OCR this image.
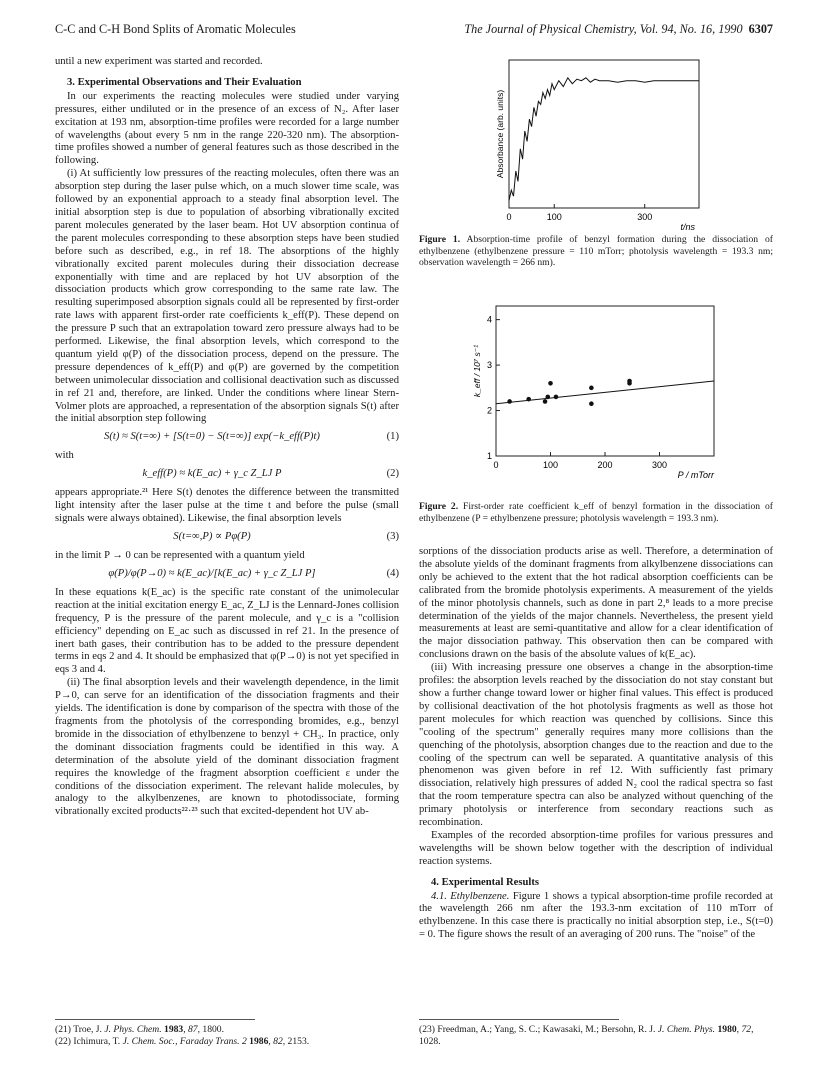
C-C and C-H Bond Splits of Aromatic Molecules	The Journal of Physical Chemistry, Vol. 94, No. 16, 1990 6307

until a new experiment was started and recorded.

3. Experimental Observations and Their Evaluation

In our experiments the reacting molecules were studied under varying pressures, either undiluted or in the presence of an excess of N₂. After laser excitation at 193 nm, absorption-time profiles were recorded for a large number of wavelengths (about every 5 nm in the range 220-320 nm). The absorption-time profiles showed a number of general features such as those described in the following.

(i) At sufficiently low pressures of the reacting molecules, often there was an absorption step during the laser pulse which, on a much slower time scale, was followed by an exponential approach to a steady final absorption level. The initial absorption step is due to population of absorbing vibrationally excited parent molecules generated by the laser beam. Hot UV absorption continua of the parent molecules corresponding to these absorption steps have been studied before such as described, e.g., in ref 18. The absorptions of the highly vibrationally excited parent molecules during their dissociation decrease exponentially with time and are replaced by hot UV absorption of the dissociation products which grow corresponding to the same rate law. The resulting superimposed absorption signals could all be represented by first-order rate laws with apparent first-order rate coefficients k_eff(P). These depend on the pressure P such that an extrapolation toward zero pressure always had to be performed. Likewise, the final absorption levels, which correspond to the quantum yield φ(P) of the dissociation process, depend on the pressure. The pressure dependences of k_eff(P) and φ(P) are governed by the competition between unimolecular dissociation and collisional deactivation such as discussed in ref 21 and, therefore, are linked. Under the conditions where linear Stern-Volmer plots are approached, a representation of the absorption signals S(t) after the initial absorption step following

S(t) ≈ S(t=∞) + [S(t=0) − S(t=∞)] exp(−k_eff(P)t)	(1)

with

k_eff(P) ≈ k(E_ac) + γ_c Z_LJ P	(2)

appears appropriate.²¹ Here S(t) denotes the difference between the transmitted light intensity after the laser pulse at the time t and before the pulse (small signals were always obtained). Likewise, the final absorption levels

S(t=∞,P) ∝ Pφ(P)	(3)

in the limit P → 0 can be represented with a quantum yield

φ(P)/φ(P→0) ≈ k(E_ac)/[k(E_ac) + γ_c Z_LJ P]	(4)

In these equations k(E_ac) is the specific rate constant of the unimolecular reaction at the initial excitation energy E_ac, Z_LJ is the Lennard-Jones collision frequency, P is the pressure of the parent molecule, and γ_c is a "collision efficiency" depending on E_ac such as discussed in ref 21. In the presence of inert bath gases, their contribution has to be added to the pressure dependent terms in eqs 2 and 4. It should be emphasized that φ(P→0) is not yet specified in eqs 3 and 4.

(ii) The final absorption levels and their wavelength dependence, in the limit P→0, can serve for an identification of the dissociation fragments and their yields. The identification is done by comparison of the spectra with those of the fragments from the photolysis of the corresponding bromides, e.g., benzyl bromide in the dissociation of ethylbenzene to benzyl + CH₃. In practice, only the dominant dissociation fragments could be identified in this way. A determination of the absolute yield of the dominant dissociation fragment requires the knowledge of the fragment absorption coefficient ε under the conditions of the dissociation experiment. The relevant halide molecules, by analogy to the alkylbenzenes, are known to photodissociate, forming vibrationally excited products²²·²³ such that excited-dependent hot UV ab-

0	100	300
t/ns
Absorbance (arb. units)
Figure 1. Absorption-time profile of benzyl formation during the dissociation of ethylbenzene (ethylbenzene pressure = 110 mTorr; photolysis wavelength = 193.3 nm; observation wavelength = 266 nm).
0	100	200	300
1
2
3
4
P / mTorr
k_eff / 10⁷ s⁻¹
Figure 2. First-order rate coefficient k_eff of benzyl formation in the dissociation of ethylbenzene (P = ethylbenzene pressure; photolysis wavelength = 193.3 nm).

sorptions of the dissociation products arise as well. Therefore, a determination of the absolute yields of the dominant fragments from alkylbenzene dissociations can only be achieved to the extent that the hot radical absorption coefficients can be calibrated from the bromide photolysis experiments. A measurement of the yields of the minor photolysis channels, such as done in part 2,⁸ leads to a more precise determination of the yields of the major channels. Nevertheless, the present yield measurements at least are semi-quantitative and allow for a clear identification of the major dissociation pathway. This observation then can be compared with conclusions drawn on the basis of the absolute values of k(E_ac).

(iii) With increasing pressure one observes a change in the absorption-time profiles: the absorption levels reached by the dissociation do not stay constant but show a further change toward lower or higher final values. This effect is produced by collisional deactivation of the hot photolysis fragments as well as those hot parent molecules for which reaction was quenched by collisions. Since this "cooling of the spectrum" generally requires many more collisions than the quenching of the photolysis, absorption changes due to the reaction and due to the cooling of the spectrum can well be separated. A quantitative analysis of this phenomenon was given before in ref 12. With sufficiently fast primary dissociation, relatively high pressures of added N₂ cool the radical spectra so fast that the room temperature spectra can also be analyzed without quenching of the primary photolysis or interference from secondary reactions such as recombination.

Examples of the recorded absorption-time profiles for various pressures and wavelengths will be shown below together with the description of individual reaction systems.

4. Experimental Results

4.1. Ethylbenzene. Figure 1 shows a typical absorption-time profile recorded at the wavelength 266 nm after the 193.3-nm excitation of 110 mTorr of ethylbenzene. In this case there is practically no initial absorption step, i.e., S(t=0) = 0. The figure shows the result of an averaging of 200 runs. The "noise" of the

(21) Troe, J. J. Phys. Chem. 1983, 87, 1800.
(22) Ichimura, T. J. Chem. Soc., Faraday Trans. 2 1986, 82, 2153.
(23) Freedman, A.; Yang, S. C.; Kawasaki, M.; Bersohn, R. J. J. Chem. Phys. 1980, 72, 1028.
